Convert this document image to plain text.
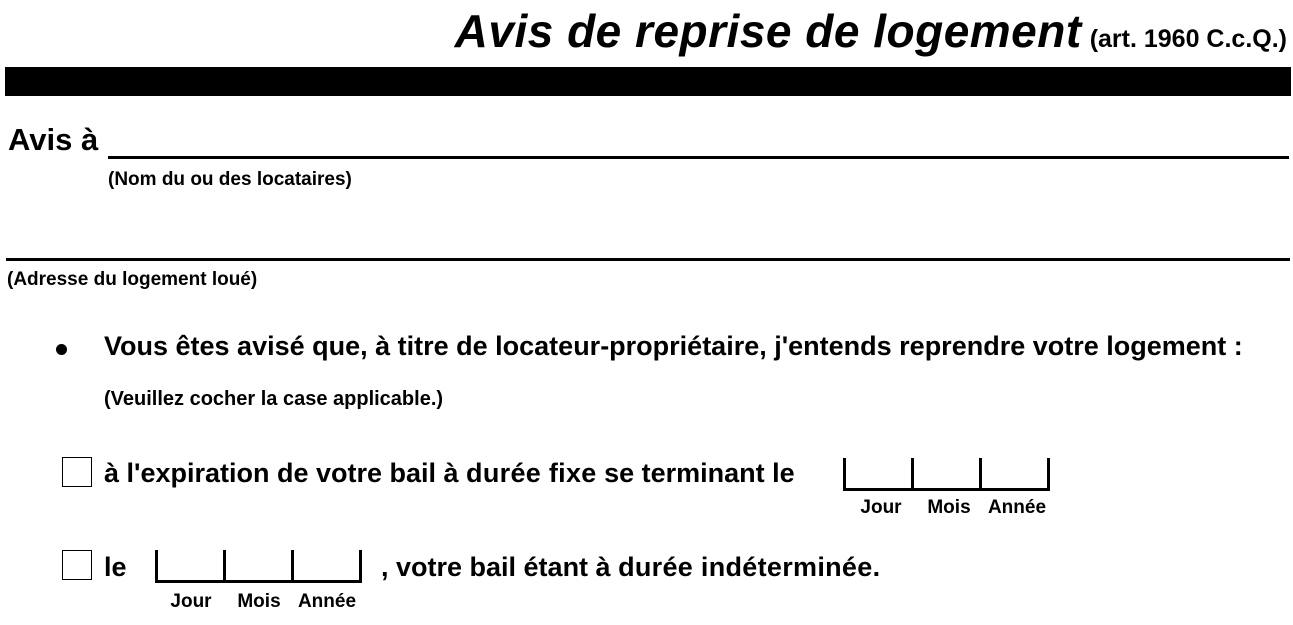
Avis de reprise de logement (art. 1960 C.c.Q.)
Avis à
(Nom du ou des locataires)
(Adresse du logement loué)
Vous êtes avisé que, à titre de locateur-propriétaire, j'entends reprendre votre logement :
(Veuillez cocher la case applicable.)
à l'expiration de votre bail à durée fixe se terminant le
Jour	Mois Année
le
Jour	Mois Année
, votre bail étant à durée indéterminée.
